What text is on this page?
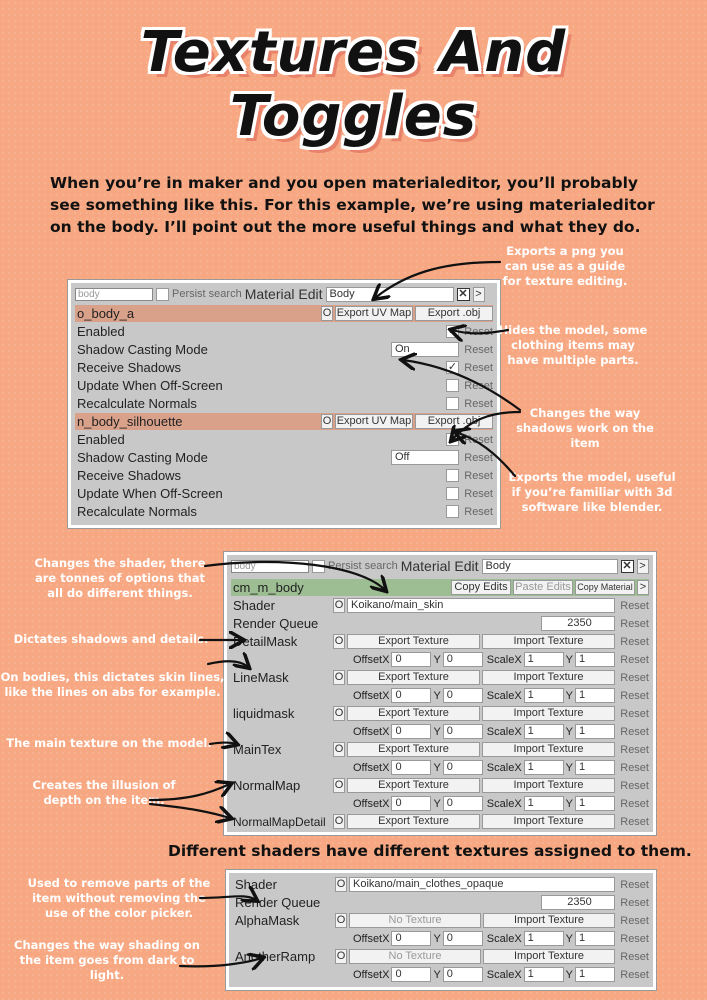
Textures And
Toggles
When you’re in maker and you open materialeditor, you’ll probably see something like this. For this example, we’re using materialeditor on the body. I’ll point out the more useful things and what they do.
body	Persist search Material Edit Body	✕ >
o_body_a	O Export UV Map	Export .obj
Enabled	✓ Reset
Shadow Casting Mode	On	Reset
Receive Shadows	✓ Reset
Update When Off-Screen	Reset
Recalculate Normals	Reset
n_body_silhouette	O Export UV Map	Export .obj
Enabled	✓ Reset
Shadow Casting Mode	Off	Reset
Receive Shadows	Reset
Update When Off-Screen	Reset
Recalculate Normals	Reset
Exports a png you can use as a guide for texture editing.
Hides the model, some clothing items may have multiple parts.
Changes the way shadows work on the item
Exports the model, useful if you’re familiar with 3d software like blender.
body	Persist search Material Edit Body	✕ >
cm_m_body	Copy Edits Paste Edits Copy Material >
Shader	O Koikano/main_skin	Reset
Render Queue	2350	Reset
DetailMask	O	Export Texture	Import Texture	Reset
OffsetX 0	Y 0	ScaleX 1	Y 1	Reset
LineMask	O	Export Texture	Import Texture	Reset
OffsetX 0	Y 0	ScaleX 1	Y 1	Reset
liquidmask	O	Export Texture	Import Texture	Reset
OffsetX 0	Y 0	ScaleX 1	Y 1	Reset
MainTex	O	Export Texture	Import Texture	Reset
OffsetX 0	Y 0	ScaleX 1	Y 1	Reset
NormalMap	O	Export Texture	Import Texture	Reset
OffsetX 0	Y 0	ScaleX 1	Y 1	Reset
NormalMapDetail O	Export Texture	Import Texture	Reset
Changes the shader, there are tonnes of options that all do different things.
Dictates shadows and details.
On bodies, this dictates skin lines, like the lines on abs for example.
The main texture on the model.
Creates the illusion of depth on the item.
Different shaders have different textures assigned to them.
Shader	O Koikano/main_clothes_opaque	Reset
Render Queue	2350	Reset
AlphaMask	O	No Texture	Import Texture	Reset
OffsetX 0	Y 0	ScaleX 1	Y 1	Reset
AnotherRamp	O	No Texture	Import Texture	Reset
OffsetX 0	Y 0	ScaleX 1	Y 1	Reset
Used to remove parts of the item without removing the use of the color picker.
Changes the way shading on the item goes from dark to light.
